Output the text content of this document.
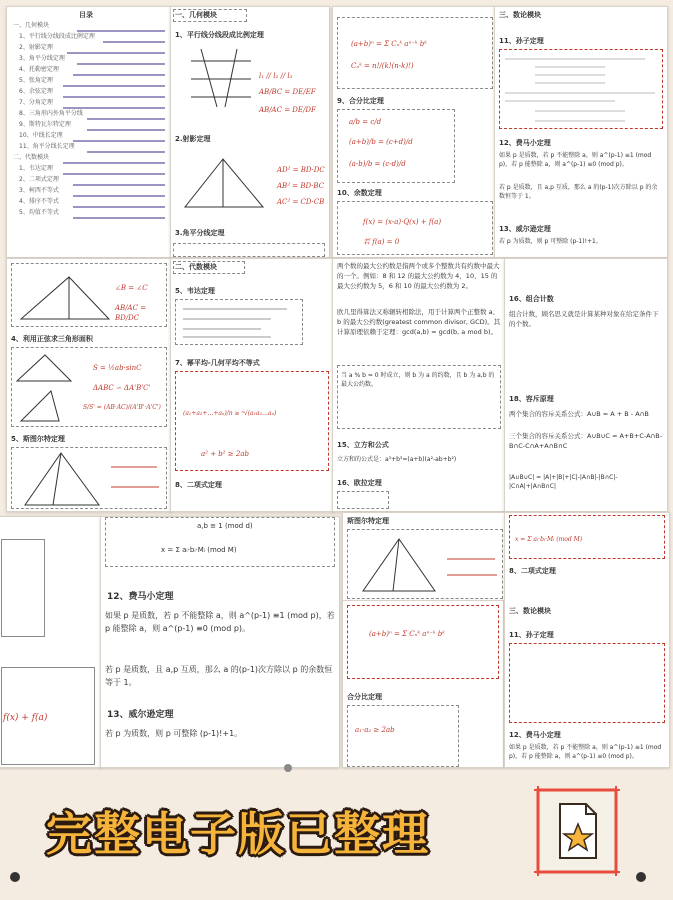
目录
一、几何模块
1、平行线分线段成比例定理
2、射影定理
3、角平分线定理
4、托勒密定理
5、张角定理
6、余弦定理
7、分角定理
8、三角形内外角平分线
9、斯特瓦尔特定理
10、中线长定理
11、角平分线长定理
二、代数模块
1、韦达定理
2、二项式定理
3、柯西不等式
4、排序不等式
5、均值不等式
一、几何模块
1、平行线分线段成比例定理
l₁ // l₂ // l₃
AB/BC = DE/EF
AB/AC = DE/DF
2.射影定理
AD² = BD·DC
AB² = BD·BC
AC² = CD·CB
3.角平分线定理
(a+b)ⁿ = Σ Cₙᵏ aⁿ⁻ᵏ bᵏ
Cₙᵏ = n!/(k!(n-k)!)
9、合分比定理
a/b = c/d
(a+b)/b = (c+d)/d
(a-b)/b = (c-d)/d
10、余数定理
f(x) = (x-a)·Q(x) + f(a)
若 f(a) = 0
三、数论模块
11、孙子定理
12、费马小定理
如果 p 是质数，若 p 不能整除 a，则 a^(p-1) ≡1 (mod p)，若 p 能整除 a，则 a^(p-1) ≡0 (mod p)。
若 p 是质数，且 a,p 互质，那么 a 的(p-1)次方除以 p 的余数恒等于 1。
13、威尔逊定理
若 p 为质数，则 p 可整除 (p-1)!+1。
∠B = ∠C
AB/AC = BD/DC
4、利用正弦求三角形面积
S = ½ab·sinC
ΔABC ∽ ΔA'B'C'
S/S' = (AB·AC)/(A'B'·A'C')
5、斯图尔特定理
二、代数模块
5、韦达定理
7、幂平均-几何平均不等式
(a₁+a₂+…+aₙ)/n ≥ ⁿ√(a₁a₂…aₙ)
a² + b² ≥ 2ab
8、二项式定理
两个数的最大公约数是指两个或多个整数共有约数中最大的一个。例如：8 和 12 的最大公约数为 4，10、15 的最大公约数为 5，6 和 10 的最大公约数为 2。
欧几里得算法又称辗转相除法，用于计算两个正整数 a、b 的最大公约数(greatest common divisor, GCD)。其计算原理依赖于定理：gcd(a,b) = gcd(b, a mod b)。
当 a % b = 0 时成立，则 b 为 a 的约数，且 b 为 a,b 的最大公约数。
15、立方和公式
立方和的公式是：a³+b³=(a+b)(a²-ab+b²)
16、欧拉定理
16、组合计数
组合计数，顾名思义就是计算某种对象在给定条件下的个数。
18、容斥原理
两个集合的容斥关系公式：A∪B = A + B - A∩B
三个集合的容斥关系公式：A∪B∪C = A+B+C-A∩B-B∩C-C∩A+A∩B∩C
|A∪B∪C| = |A|+|B|+|C|-|A∩B|-|B∩C|-|C∩A|+|A∩B∩C|
f(x) + f(a)
a,b ≡ 1 (mod d)
x = Σ aᵢ·bᵢ·Mᵢ (mod M)
12、费马小定理
如果 p 是质数，若 p 不能整除 a，则 a^(p-1) ≡1 (mod p)，若 p 能整除 a，则 a^(p-1) ≡0 (mod p)。
若 p 是质数，且 a,p 互质，那么 a 的(p-1)次方除以 p 的余数恒等于 1。
13、威尔逊定理
若 p 为质数，则 p 可整除 (p-1)!+1。
斯图尔特定理
(a+b)ⁿ = Σ Cₙᵏ aⁿ⁻ᵏ bᵏ
合分比定理
a₁·a₂ ≥ 2ab
x = Σ aᵢ·bᵢ·Mᵢ (mod M)
8、二项式定理
三、数论模块
11、孙子定理
12、费马小定理
如果 p 是质数，若 p 不能整除 a，则 a^(p-1) ≡1 (mod p)，若 p 能整除 a，则 a^(p-1) ≡0 (mod p)。
完整电子版已整理
